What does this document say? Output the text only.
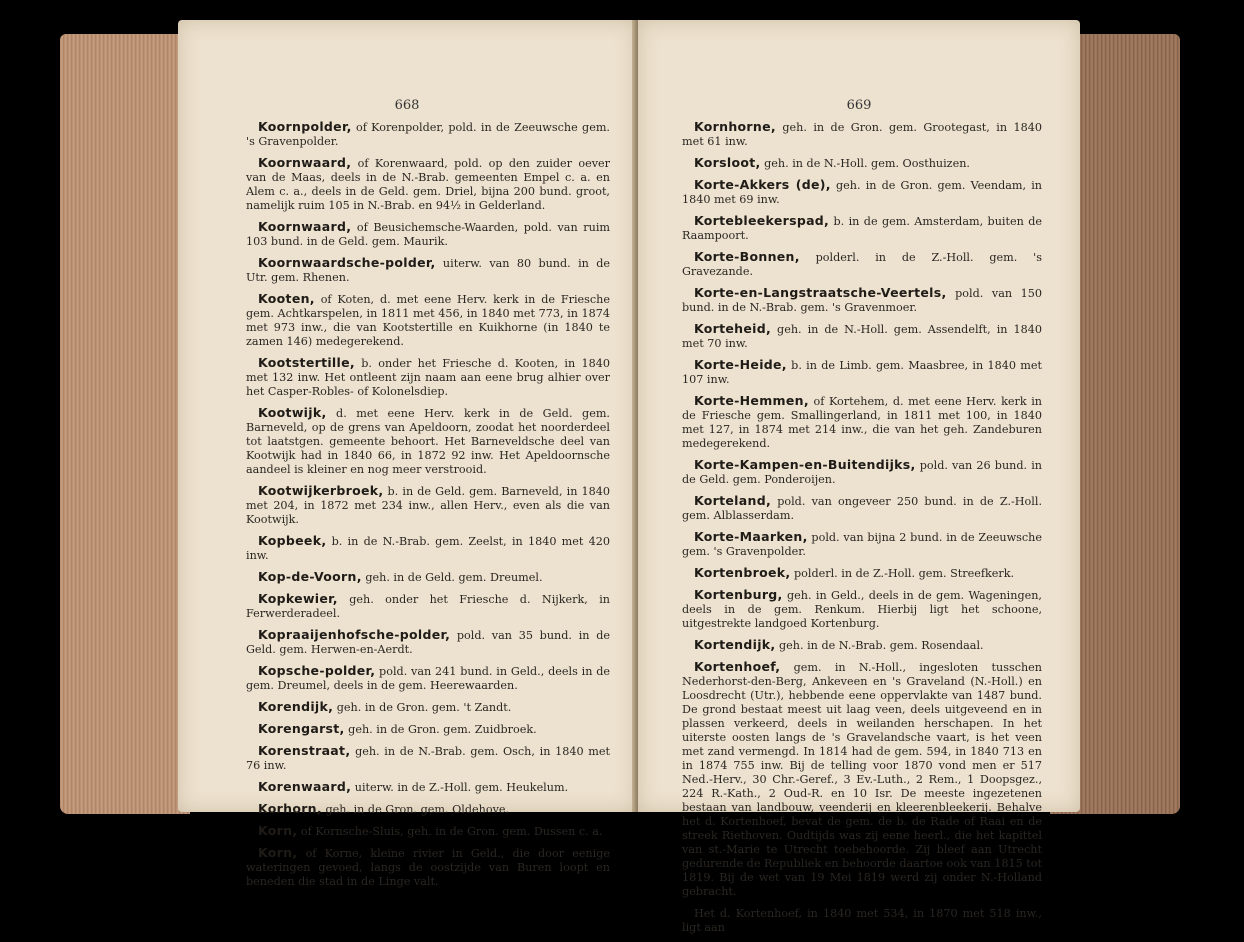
668

Koornpolder, of Korenpolder, pold. in de Zeeuwsche gem. 's Gravenpolder.

Koornwaard, of Korenwaard, pold. op den zuider oever van de Maas, deels in de N.-Brab. gemeenten Empel c. a. en Alem c. a., deels in de Geld. gem. Driel, bijna 200 bund. groot, namelijk ruim 105 in N.-Brab. en 94½ in Gelderland.

Koornwaard, of Beusichemsche-Waarden, pold. van ruim 103 bund. in de Geld. gem. Maurik.

Koornwaardsche-polder, uiterw. van 80 bund. in de Utr. gem. Rhenen.

Kooten, of Koten, d. met eene Herv. kerk in de Friesche gem. Achtkarspelen, in 1811 met 456, in 1840 met 773, in 1874 met 973 inw., die van Kootstertille en Kuikhorne (in 1840 te zamen 146) medegerekend.

Kootstertille, b. onder het Friesche d. Kooten, in 1840 met 132 inw. Het ontleent zijn naam aan eene brug alhier over het Casper-Robles- of Kolonelsdiep.

Kootwijk, d. met eene Herv. kerk in de Geld. gem. Barneveld, op de grens van Apeldoorn, zoodat het noorderdeel tot laatstgen. gemeente behoort. Het Barneveldsche deel van Kootwijk had in 1840 66, in 1872 92 inw. Het Apeldoornsche aandeel is kleiner en nog meer verstrooid.

Kootwijkerbroek, b. in de Geld. gem. Barneveld, in 1840 met 204, in 1872 met 234 inw., allen Herv., even als die van Kootwijk.

Kopbeek, b. in de N.-Brab. gem. Zeelst, in 1840 met 420 inw.

Kop-de-Voorn, geh. in de Geld. gem. Dreumel.

Kopkewier, geh. onder het Friesche d. Nijkerk, in Ferwerderadeel.

Kopraaijenhofsche-polder, pold. van 35 bund. in de Geld. gem. Herwen-en-Aerdt.

Kopsche-polder, pold. van 241 bund. in Geld., deels in de gem. Dreumel, deels in de gem. Heerewaarden.

Korendijk, geh. in de Gron. gem. 't Zandt.

Korengarst, geh. in de Gron. gem. Zuidbroek.

Korenstraat, geh. in de N.-Brab. gem. Osch, in 1840 met 76 inw.

Korenwaard, uiterw. in de Z.-Holl. gem. Heukelum.

Korhorn, geh. in de Gron. gem. Oldehove.

Korn, of Kornsche-Sluis, geh. in de Gron. gem. Dussen c. a.

Korn, of Korne, kleine rivier in Geld., die door eenige wateringen gevoed, langs de oostzijde van Buren loopt en beneden die stad in de Linge valt.

669

Kornhorne, geh. in de Gron. gem. Grootegast, in 1840 met 61 inw.

Korsloot, geh. in de N.-Holl. gem. Oosthuizen.

Korte-Akkers (de), geh. in de Gron. gem. Veendam, in 1840 met 69 inw.

Kortebleekerspad, b. in de gem. Amsterdam, buiten de Raampoort.

Korte-Bonnen, polderl. in de Z.-Holl. gem. 's Gravezande.

Korte-en-Langstraatsche-Veertels, pold. van 150 bund. in de N.-Brab. gem. 's Gravenmoer.

Korteheid, geh. in de N.-Holl. gem. Assendelft, in 1840 met 70 inw.

Korte-Heide, b. in de Limb. gem. Maasbree, in 1840 met 107 inw.

Korte-Hemmen, of Kortehem, d. met eene Herv. kerk in de Friesche gem. Smallingerland, in 1811 met 100, in 1840 met 127, in 1874 met 214 inw., die van het geh. Zandeburen medegerekend.

Korte-Kampen-en-Buitendijks, pold. van 26 bund. in de Geld. gem. Ponderoijen.

Korteland, pold. van ongeveer 250 bund. in de Z.-Holl. gem. Alblasserdam.

Korte-Maarken, pold. van bijna 2 bund. in de Zeeuwsche gem. 's Gravenpolder.

Kortenbroek, polderl. in de Z.-Holl. gem. Streefkerk.

Kortenburg, geh. in Geld., deels in de gem. Wageningen, deels in de gem. Renkum. Hierbij ligt het schoone, uitgestrekte landgoed Kortenburg.

Kortendijk, geh. in de N.-Brab. gem. Rosendaal.

Kortenhoef, gem. in N.-Holl., ingesloten tusschen Nederhorst-den-Berg, Ankeveen en 's Graveland (N.-Holl.) en Loosdrecht (Utr.), hebbende eene oppervlakte van 1487 bund. De grond bestaat meest uit laag veen, deels uitgeveend en in plassen verkeerd, deels in weilanden herschapen. In het uiterste oosten langs de 's Gravelandsche vaart, is het veen met zand vermengd. In 1814 had de gem. 594, in 1840 713 en in 1874 755 inw. Bij de telling voor 1870 vond men er 517 Ned.-Herv., 30 Chr.-Geref., 3 Ev.-Luth., 2 Rem., 1 Doopsgez., 224 R.-Kath., 2 Oud-R. en 10 Isr. De meeste ingezetenen bestaan van landbouw, veenderij en kleerenbleekerij. Behalve het d. Kortenhoef, bevat de gem. de b. de Rade of Raai en de streek Riethoven. Oudtijds was zij eene heerl., die het kapittel van st.-Marie te Utrecht toebehoorde. Zij bleef aan Utrecht gedurende de Republiek en behoorde daartoe ook van 1815 tot 1819. Bij de wet van 19 Mei 1819 werd zij onder N.-Holland gebracht.

Het d. Kortenhoef, in 1840 met 534, in 1870 met 518 inw., ligt aan
